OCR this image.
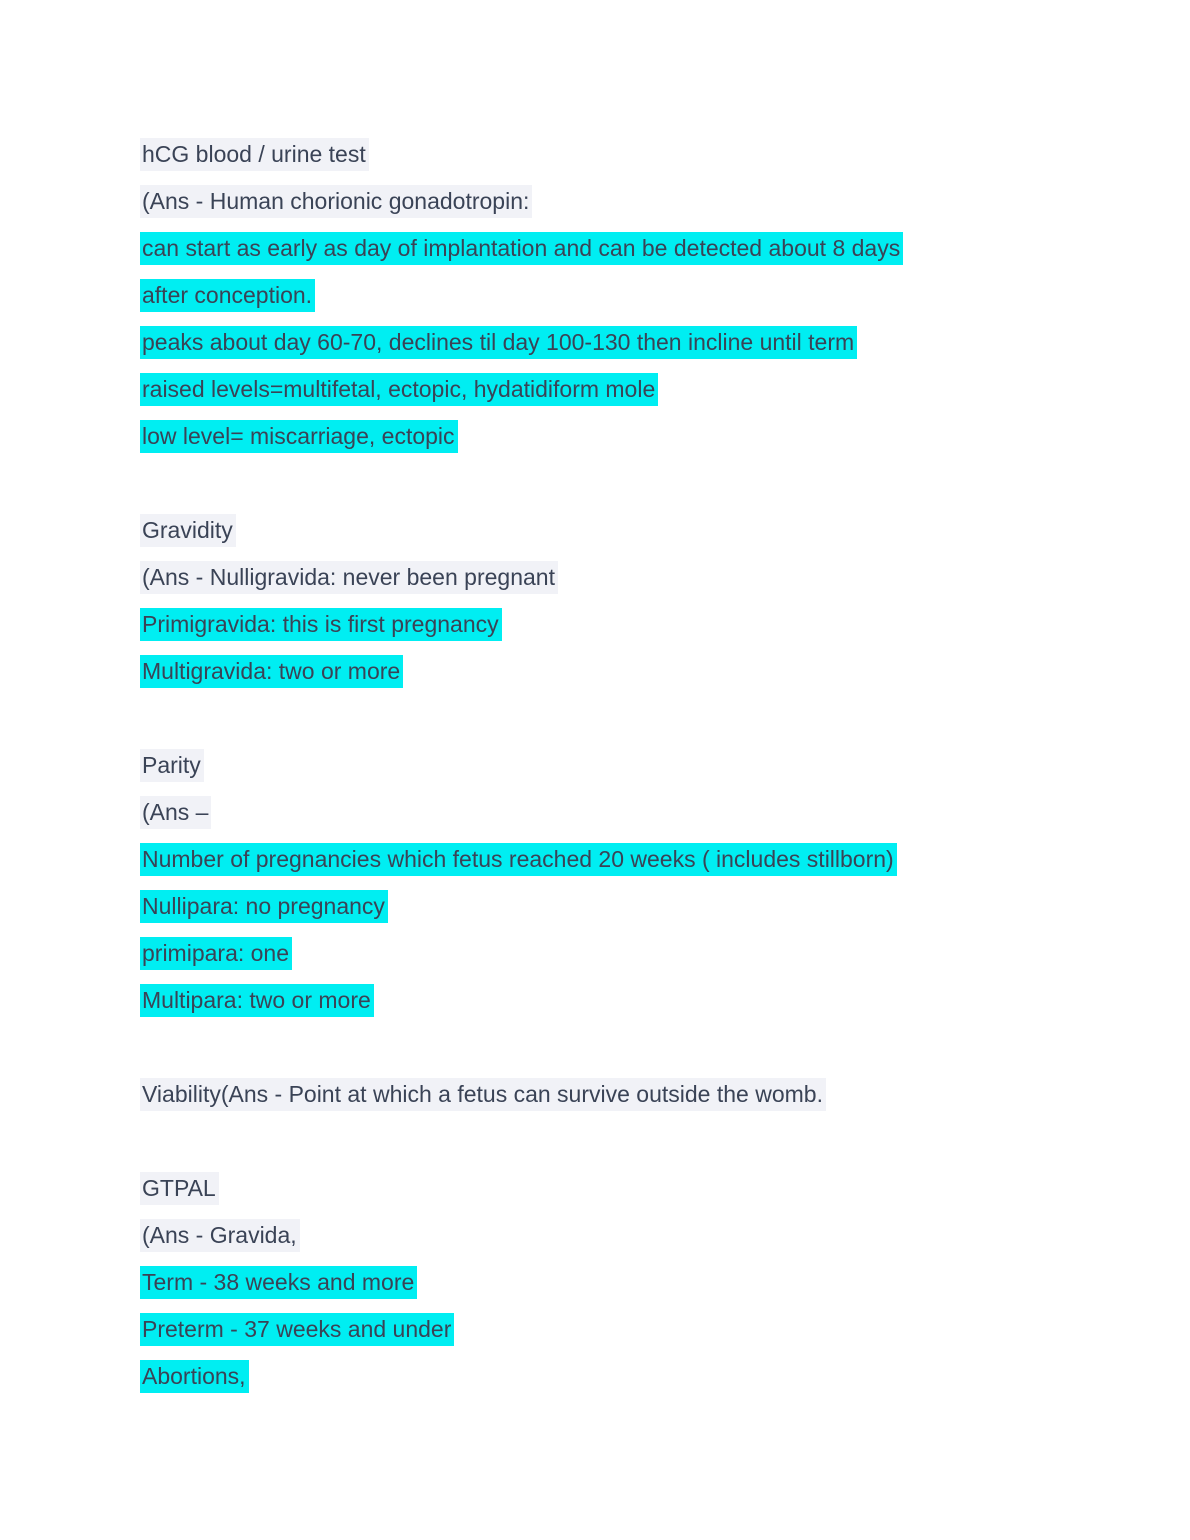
hCG blood / urine test

(Ans - Human chorionic gonadotropin:

can start as early as day of implantation and can be detected about 8 days

after conception.

peaks about day 60-70, declines til day 100-130 then incline until term

raised levels=multifetal, ectopic, hydatidiform mole

low level= miscarriage, ectopic

Gravidity

(Ans - Nulligravida: never been pregnant

Primigravida: this is first pregnancy

Multigravida: two or more

Parity

(Ans –

Number of pregnancies which fetus reached 20 weeks ( includes stillborn)

Nullipara: no pregnancy

primipara: one

Multipara: two or more

Viability(Ans - Point at which a fetus can survive outside the womb.

GTPAL

(Ans - Gravida,

Term - 38 weeks and more

Preterm - 37 weeks and under

Abortions,
